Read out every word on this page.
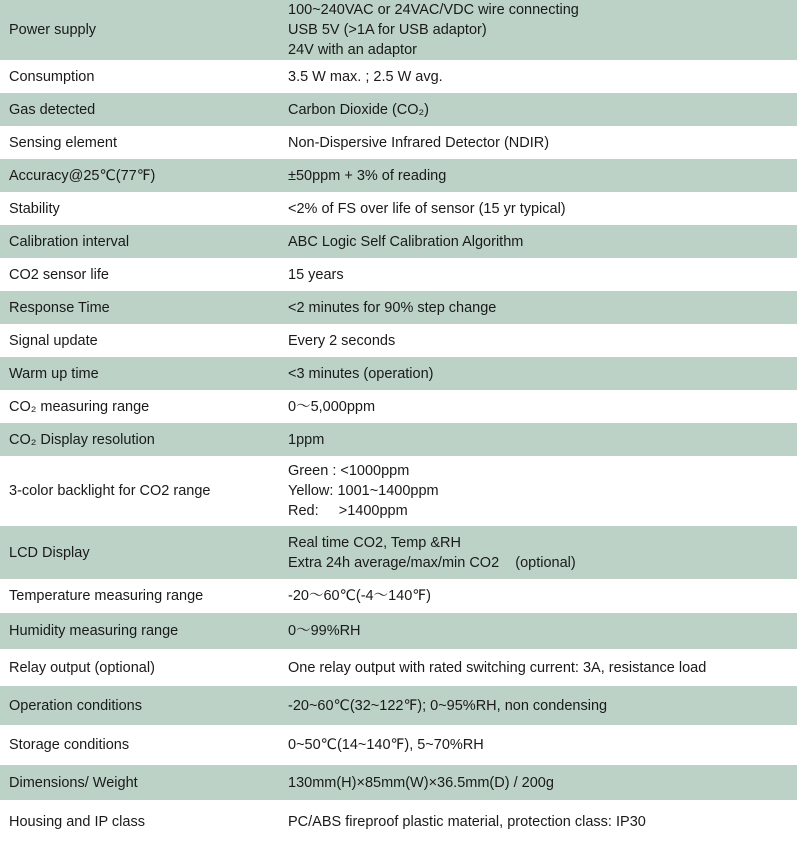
Power supply	100~240VAC or 24VAC/VDC wire connecting
USB 5V (>1A for USB adaptor)
24V with an adaptor

Consumption	3.5 W max. ; 2.5 W avg.

Gas detected	Carbon Dioxide (CO₂)

Sensing element	Non-Dispersive Infrared Detector (NDIR)

Accuracy@25℃(77℉)	±50ppm + 3% of reading

Stability	<2% of FS over life of sensor (15 yr typical)

Calibration interval	ABC Logic Self Calibration Algorithm

CO2 sensor life	15 years

Response Time	<2 minutes for 90% step change

Signal update	Every 2 seconds

Warm up time	<3 minutes (operation)

CO₂ measuring range	0～5,000ppm

CO₂ Display resolution	1ppm

3-color backlight for CO2 range	Green : <1000ppm
Yellow: 1001~1400ppm
Red:     >1400ppm

LCD Display	Real time CO2, Temp &RH
Extra 24h average/max/min CO2    (optional)

Temperature measuring range	-20～60℃(-4～140℉)

Humidity measuring range	0～99%RH

Relay output (optional)	One relay output with rated switching current: 3A, resistance load

Operation conditions	-20~60℃(32~122℉); 0~95%RH, non condensing

Storage conditions	0~50℃(14~140℉), 5~70%RH

Dimensions/ Weight	130mm(H)×85mm(W)×36.5mm(D) / 200g

Housing and IP class	PC/ABS fireproof plastic material, protection class: IP30
